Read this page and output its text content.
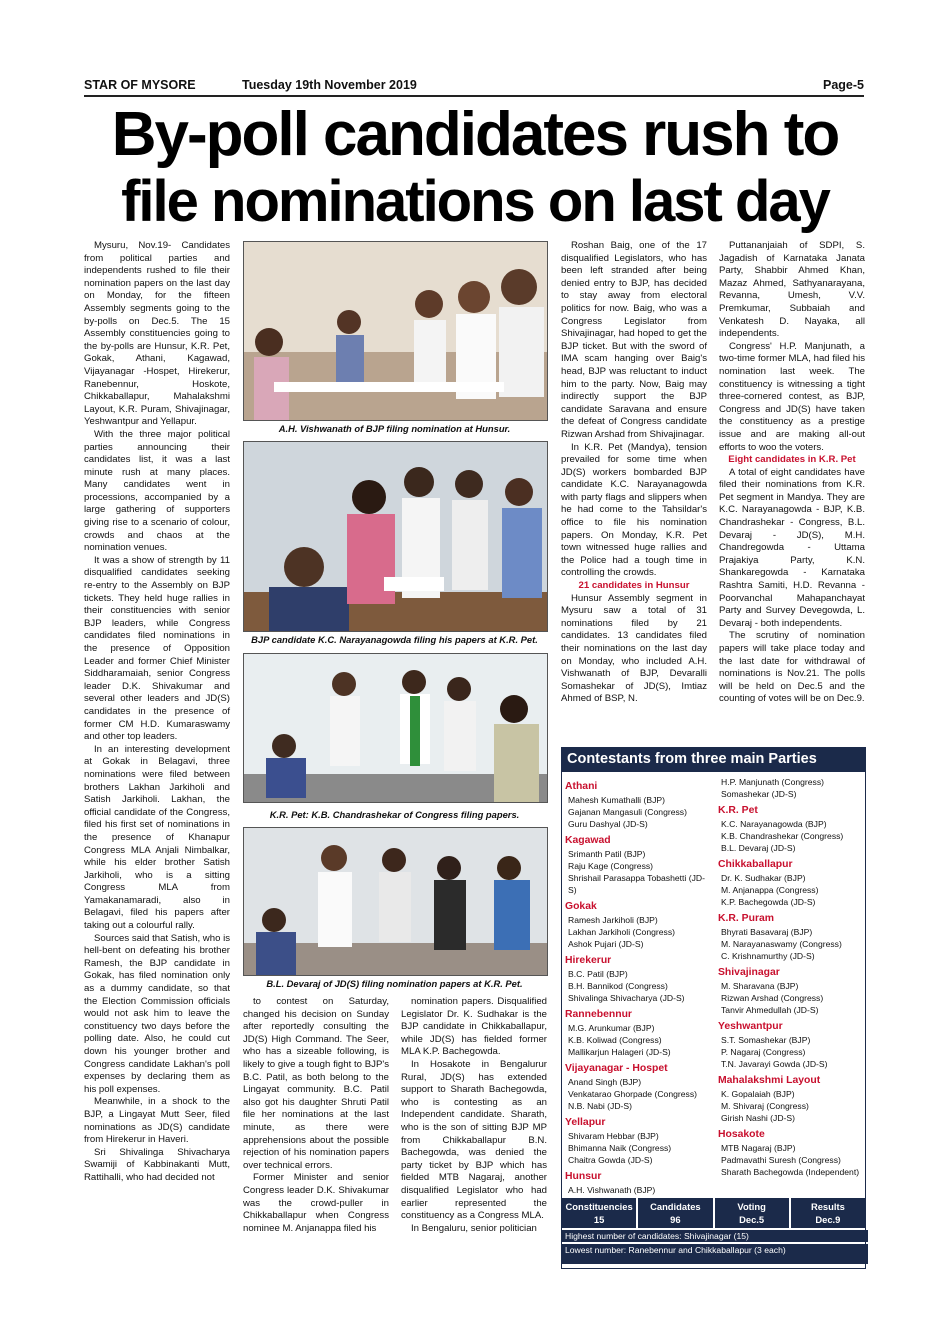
STAR OF MYSORE	Tuesday 19th November 2019	Page-5
By-poll candidates rush to
file nominations on last day

Mysuru, Nov.19- Candidates from political parties and independents rushed to file their nomination papers on the last day on Monday, for the fifteen Assembly segments going to the by-polls on Dec.5. The 15 Assembly constituencies going to the by-polls are Hunsur, K.R. Pet, Gokak, Athani, Kagawad, Vijayanagar -Hospet, Hirekerur, Ranebennur, Hoskote, Chikkaballapur, Mahalakshmi Layout, K.R. Puram, Shivajinagar, Yeshwantpur and Yellapur.

With the three major political parties announcing their candidates list, it was a last minute rush at many places. Many candidates went in processions, accompanied by a large gathering of supporters giving rise to a scenario of colour, crowds and chaos at the nomination venues.

It was a show of strength by 11 disqualified candidates seeking re-entry to the Assembly on BJP tickets. They held huge rallies in their constituencies with senior BJP leaders, while Congress candidates filed nominations in the presence of Opposition Leader and former Chief Minister Siddharamaiah, senior Congress leader D.K. Shivakumar and several other leaders and JD(S) candidates in the presence of former CM H.D. Kumaraswamy and other top leaders.

In an interesting development at Gokak in Belagavi, three nominations were filed between brothers Lakhan Jarkiholi and Satish Jarkiholi. Lakhan, the official candidate of the Congress, filed his first set of nominations in the presence of Khanapur Congress MLA Anjali Nimbalkar, while his elder brother Satish Jarkiholi, who is a sitting Congress MLA from Yamakanamaradi, also in Belagavi, filed his papers after taking out a colourful rally.

Sources said that Satish, who is hell-bent on defeating his brother Ramesh, the BJP candidate in Gokak, has filed nomination only as a dummy candidate, so that the Election Commission officials would not ask him to leave the constituency two days before the polling date. Also, he could cut down his younger brother and Congress candidate Lakhan's poll expenses by declaring them as his poll expenses.

Meanwhile, in a shock to the BJP, a Lingayat Mutt Seer, filed nominations as JD(S) candidate from Hirekerur in Haveri.

Sri Shivalinga Shivacharya Swamiji of Kabbinakanti Mutt, Rattihalli, who had decided not

A.H. Vishwanath of BJP filing nomination at Hunsur.
BJP candidate K.C. Narayanagowda filing his papers at K.R. Pet.
K.R. Pet: K.B. Chandrashekar of Congress filing papers.
B.L. Devaraj of JD(S) filing nomination papers at K.R. Pet.

to contest on Saturday, changed his decision on Sunday after reportedly consulting the JD(S) High Command. The Seer, who has a sizeable following, is likely to give a tough fight to BJP's B.C. Patil, as both belong to the Lingayat community. B.C. Patil also got his daughter Shruti Patil file her nominations at the last minute, as there were apprehensions about the possible rejection of his nomination papers over technical errors.

Former Minister and senior Congress leader D.K. Shivakumar was the crowd-puller in Chikkaballapur when Congress nominee M. Anjanappa filed his

Roshan Baig, one of the 17 disqualified Legislators, who has been left stranded after being denied entry to BJP, has decided to stay away from electoral politics for now. Baig, who was a Congress Legislator from Shivajinagar, had hoped to get the BJP ticket. But with the sword of IMA scam hanging over Baig's head, BJP was reluctant to induct him to the party. Now, Baig may indirectly support the BJP candidate Saravana and ensure the defeat of Congress candidate Rizwan Arshad from Shivajinagar.

In K.R. Pet (Mandya), tension prevailed for some time when JD(S) workers bombarded BJP candidate K.C. Narayanagowda with party flags and slippers when he had come to the Tahsildar's office to file his nomination papers. On Monday, K.R. Pet town witnessed huge rallies and the Police had a tough time in controlling the crowds.

21 candidates in Hunsur

Hunsur Assembly segment in Mysuru saw a total of 31 nominations filed by 21 candidates. 13 candidates filed their nominations on the last day on Monday, who included A.H. Vishwanath of BJP, Devaralli Somashekar of JD(S), Imtiaz Ahmed of BSP, N.

nomination papers. Disqualified Legislator Dr. K. Sudhakar is the BJP candidate in Chikkaballapur, while JD(S) has fielded former MLA K.P. Bachegowda.

In Hosakote in Bengalurur Rural, JD(S) has extended support to Sharath Bachegowda, who is contesting as an Independent candidate. Sharath, who is the son of sitting BJP MP from Chikkaballapur B.N. Bachegowda, was denied the party ticket by BJP which has fielded MTB Nagaraj, another disqualified Legislator who had earlier represented the constituency as a Congress MLA.

In Bengaluru, senior politician

Puttananjaiah of SDPI, S. Jagadish of Karnataka Janata Party, Shabbir Ahmed Khan, Mazaz Ahmed, Sathyanarayana, Revanna, Umesh, V.V. Premkumar, Subbaiah and Venkatesh D. Nayaka, all independents.

Congress' H.P. Manjunath, a two-time former MLA, had filed his nomination last week. The constituency is witnessing a tight three-cornered contest, as BJP, Congress and JD(S) have taken the constituency as a prestige issue and are making all-out efforts to woo the voters.

Eight candidates in K.R. Pet

A total of eight candidates have filed their nominations from K.R. Pet segment in Mandya. They are K.C. Narayanagowda - BJP, K.B. Chandrashekar - Congress, B.L. Devaraj - JD(S), M.H. Chandregowda - Uttama Prajakiya Party, K.N. Shankaregowda - Karnataka Rashtra Samiti, H.D. Revanna - Poorvanchal Mahapanchayat Party and Survey Devegowda, L. Devaraj - both independents.

The scrutiny of nomination papers will take place today and the last date for withdrawal of nominations is Nov.21. The polls will be held on Dec.5 and the counting of votes will be on Dec.9.

Contestants from three main Parties
Athani
Mahesh Kumathalli (BJP)
Gajanan Mangasuli (Congress)
Guru Dashyal (JD-S)
Kagawad
Srimanth Patil (BJP)
Raju Kage (Congress)
Shrishail Parasappa Tobashetti (JD-S)
Gokak
Ramesh Jarkiholi (BJP)
Lakhan Jarkiholi (Congress)
Ashok Pujari (JD-S)
Hirekerur
B.C. Patil (BJP)
B.H. Bannikod (Congress)
Shivalinga Shivacharya (JD-S)
Rannebennur
M.G. Arunkumar (BJP)
K.B. Koliwad (Congress)
Mallikarjun Halageri (JD-S)
Vijayanagar - Hospet
Anand Singh (BJP)
Venkatarao Ghorpade (Congress)
N.B. Nabi (JD-S)
Yellapur
Shivaram Hebbar (BJP)
Bhimanna Naik (Congress)
Chaitra Gowda (JD-S)
Hunsur
A.H. Vishwanath (BJP)
H.P. Manjunath (Congress)
Somashekar (JD-S)
K.R. Pet
K.C. Narayanagowda (BJP)
K.B. Chandrashekar (Congress)
B.L. Devaraj (JD-S)
Chikkaballapur
Dr. K. Sudhakar (BJP)
M. Anjanappa (Congress)
K.P. Bachegowda (JD-S)
K.R. Puram
Bhyrati Basavaraj (BJP)
M. Narayanaswamy (Congress)
C. Krishnamurthy (JD-S)
Shivajinagar
M. Sharavana (BJP)
Rizwan Arshad (Congress)
Tanvir Ahmedullah (JD-S)
Yeshwantpur
S.T. Somashekar (BJP)
P. Nagaraj (Congress)
T.N. Javarayi Gowda (JD-S)
Mahalakshmi Layout
K. Gopalaiah (BJP)
M. Shivaraj (Congress)
Girish Nashi (JD-S)
Hosakote
MTB Nagaraj (BJP)
Padmavathi Suresh (Congress)
Sharath Bachegowda (Independent)
Constituencies
15
Candidates
96
Voting
Dec.5
Results
Dec.9
Highest number of candidates: Shivajinagar (15)
Lowest number: Ranebennur and Chikkaballapur (3 each)
